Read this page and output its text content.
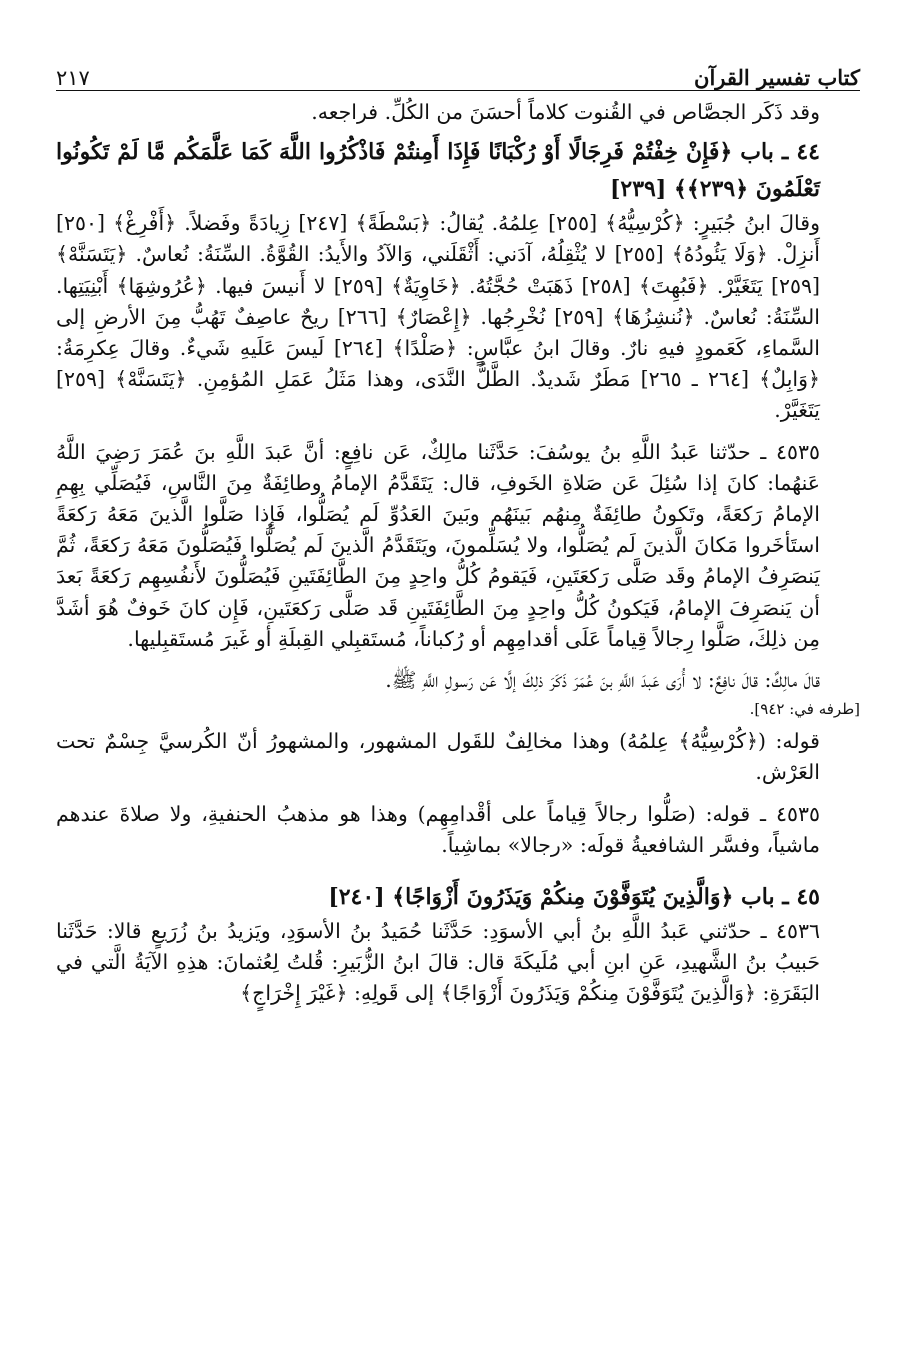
كتاب تفسير القرآن
٢١٧

وقد ذَكَر الجصَّاص في القُنوت كلاماً أحسَنَ من الكُلِّ. فراجعه.

٤٤ ـ باب ﴿فَإِنْ خِفْتُمْ فَرِجَالًا أَوْ رُكْبَانًا فَإِذَا أَمِنتُمْ فَاذْكُرُوا اللَّهَ كَمَا عَلَّمَكُم مَّا لَمْ تَكُونُوا تَعْلَمُونَ ﴿٢٣٩﴾﴾ [٢٣٩]

وقالَ ابنُ جُبَيرٍ: ﴿كُرْسِيُّهُ﴾ [٢٥٥] عِلمُهُ. يُقالُ: ﴿بَسْطَةً﴾ [٢٤٧] زِيادَةً وفَضلاً. ﴿أَفْرِغْ﴾ [٢٥٠] أَنزِلْ. ﴿وَلَا يَئُودُهُ﴾ [٢٥٥] لا يُثْقِلُهُ، آدَني: أَثْقَلَني، وَالآدُ والأَيدُ: القُوَّةُ. السِّنَةُ: نُعاسٌ. ﴿يَتَسَنَّهْ﴾ [٢٥٩] يَتَغَيَّرْ. ﴿فَبُهِتَ﴾ [٢٥٨] ذَهَبَتْ حُجَّتُهُ. ﴿خَاوِيَةٌ﴾ [٢٥٩] لا أَنيسَ فيها. ﴿عُرُوشِهَا﴾ أَبْنِيَتِها. السِّنَةُ: نُعاسٌ. ﴿نُنشِزُهَا﴾ [٢٥٩] نُخْرِجُها. ﴿إِعْصَارٌ﴾ [٢٦٦] ريحٌ عاصِفٌ تَهُبُّ مِنَ الأرضِ إلى السَّماءِ، كَعَمودٍ فيهِ نارٌ. وقالَ ابنُ عبَّاسٍ: ﴿صَلْدًا﴾ [٢٦٤] لَيسَ عَلَيهِ شَيءٌ. وقالَ عِكرِمَةُ: ﴿وَابِلٌ﴾ [٢٦٤ ـ ٢٦٥] مَطَرٌ شَديدٌ. الطَّلُّ النَّدَى، وهذا مَثَلُ عَمَلِ المُؤمِنِ. ﴿يَتَسَنَّهْ﴾ [٢٥٩] يَتَغَيَّرْ.

٤٥٣٥ ـ حدّثنا عَبدُ اللَّهِ بنُ يوسُفَ: حَدَّثَنا مالِكٌ، عَن نافِعٍ: أنَّ عَبدَ اللَّهِ بنَ عُمَرَ رَضِيَ اللَّهُ عَنهُما: كانَ إذا سُئِلَ عَن صَلاةِ الخَوفِ، قال: يَتَقَدَّمُ الإمامُ وطائِفَةٌ مِنَ النَّاسِ، فَيُصَلِّي بِهِمِ الإمامُ رَكعَةً، وتَكونُ طائِفَةٌ مِنهُم بَينَهُم وبَينَ العَدُوِّ لَم يُصَلُّوا، فَإِذا صَلَّوا الَّذينَ مَعَهُ رَكعَةً استَأخَروا مَكانَ الَّذينَ لَم يُصَلُّوا، ولا يُسَلِّمونَ، ويَتَقَدَّمُ الَّذينَ لَم يُصَلُّوا فَيُصَلُّونَ مَعَهُ رَكعَةً، ثُمَّ يَنصَرِفُ الإمامُ وقَد صَلَّى رَكعَتَينِ، فَيَقومُ كُلُّ واحِدٍ مِنَ الطَّائِفَتَينِ فَيُصَلُّونَ لأَنفُسِهِم رَكعَةً بَعدَ أن يَنصَرِفَ الإمامُ، فَيَكونُ كُلُّ واحِدٍ مِنَ الطَّائِفَتَينِ قَد صَلَّى رَكعَتَينِ، فَإِن كانَ خَوفٌ هُوَ أشَدَّ مِن ذلِكَ، صَلَّوا رِجالاً قِياماً عَلَى أقدامِهِم أو رُكباناً، مُستَقبِلي القِبلَةِ أو غَيرَ مُستَقبِليها.

قالَ مالِكٌ: قالَ نافِعٌ: لا أُرَى عَبدَ اللَّهِ بنَ عُمَرَ ذَكَرَ ذلِكَ إلَّا عَن رَسولِ اللَّهِ ﷺ.

[طرفه في: ٩٤٢].

قوله: (﴿كُرْسِيُّهُ﴾ عِلمُهُ) وهذا مخالِفٌ للقَول المشهور، والمشهورُ أنّ الكُرسيَّ جِسْمٌ تحت العَرْش.

٤٥٣٥ ـ قوله: (صَلُّوا رجالاً قِياماً على أقْدامِهِم) وهذا هو مذهبُ الحنفيةِ، ولا صلاةَ عندهم ماشياً، وفسَّر الشافعيةُ قولَه: «رجالا» بماشِياً.

٤٥ ـ باب ﴿وَالَّذِينَ يُتَوَفَّوْنَ مِنكُمْ وَيَذَرُونَ أَزْوَاجًا﴾ [٢٤٠]

٤٥٣٦ ـ حدّثني عَبدُ اللَّهِ بنُ أبي الأسوَدِ: حَدَّثَنا حُمَيدُ بنُ الأسوَدِ، ويَزيدُ بنُ زُرَيعٍ قالا: حَدَّثَنا حَبيبُ بنُ الشَّهيدِ، عَنِ ابنِ أبي مُلَيكَةَ قال: قالَ ابنُ الزُّبَيرِ: قُلتُ لِعُثمانَ: هذِهِ الآيَةُ الَّتي في البَقَرَةِ: ﴿وَالَّذِينَ يُتَوَفَّوْنَ مِنكُمْ وَيَذَرُونَ أَزْوَاجًا﴾ إلى قَولِهِ: ﴿غَيْرَ إِخْرَاجٍ﴾
